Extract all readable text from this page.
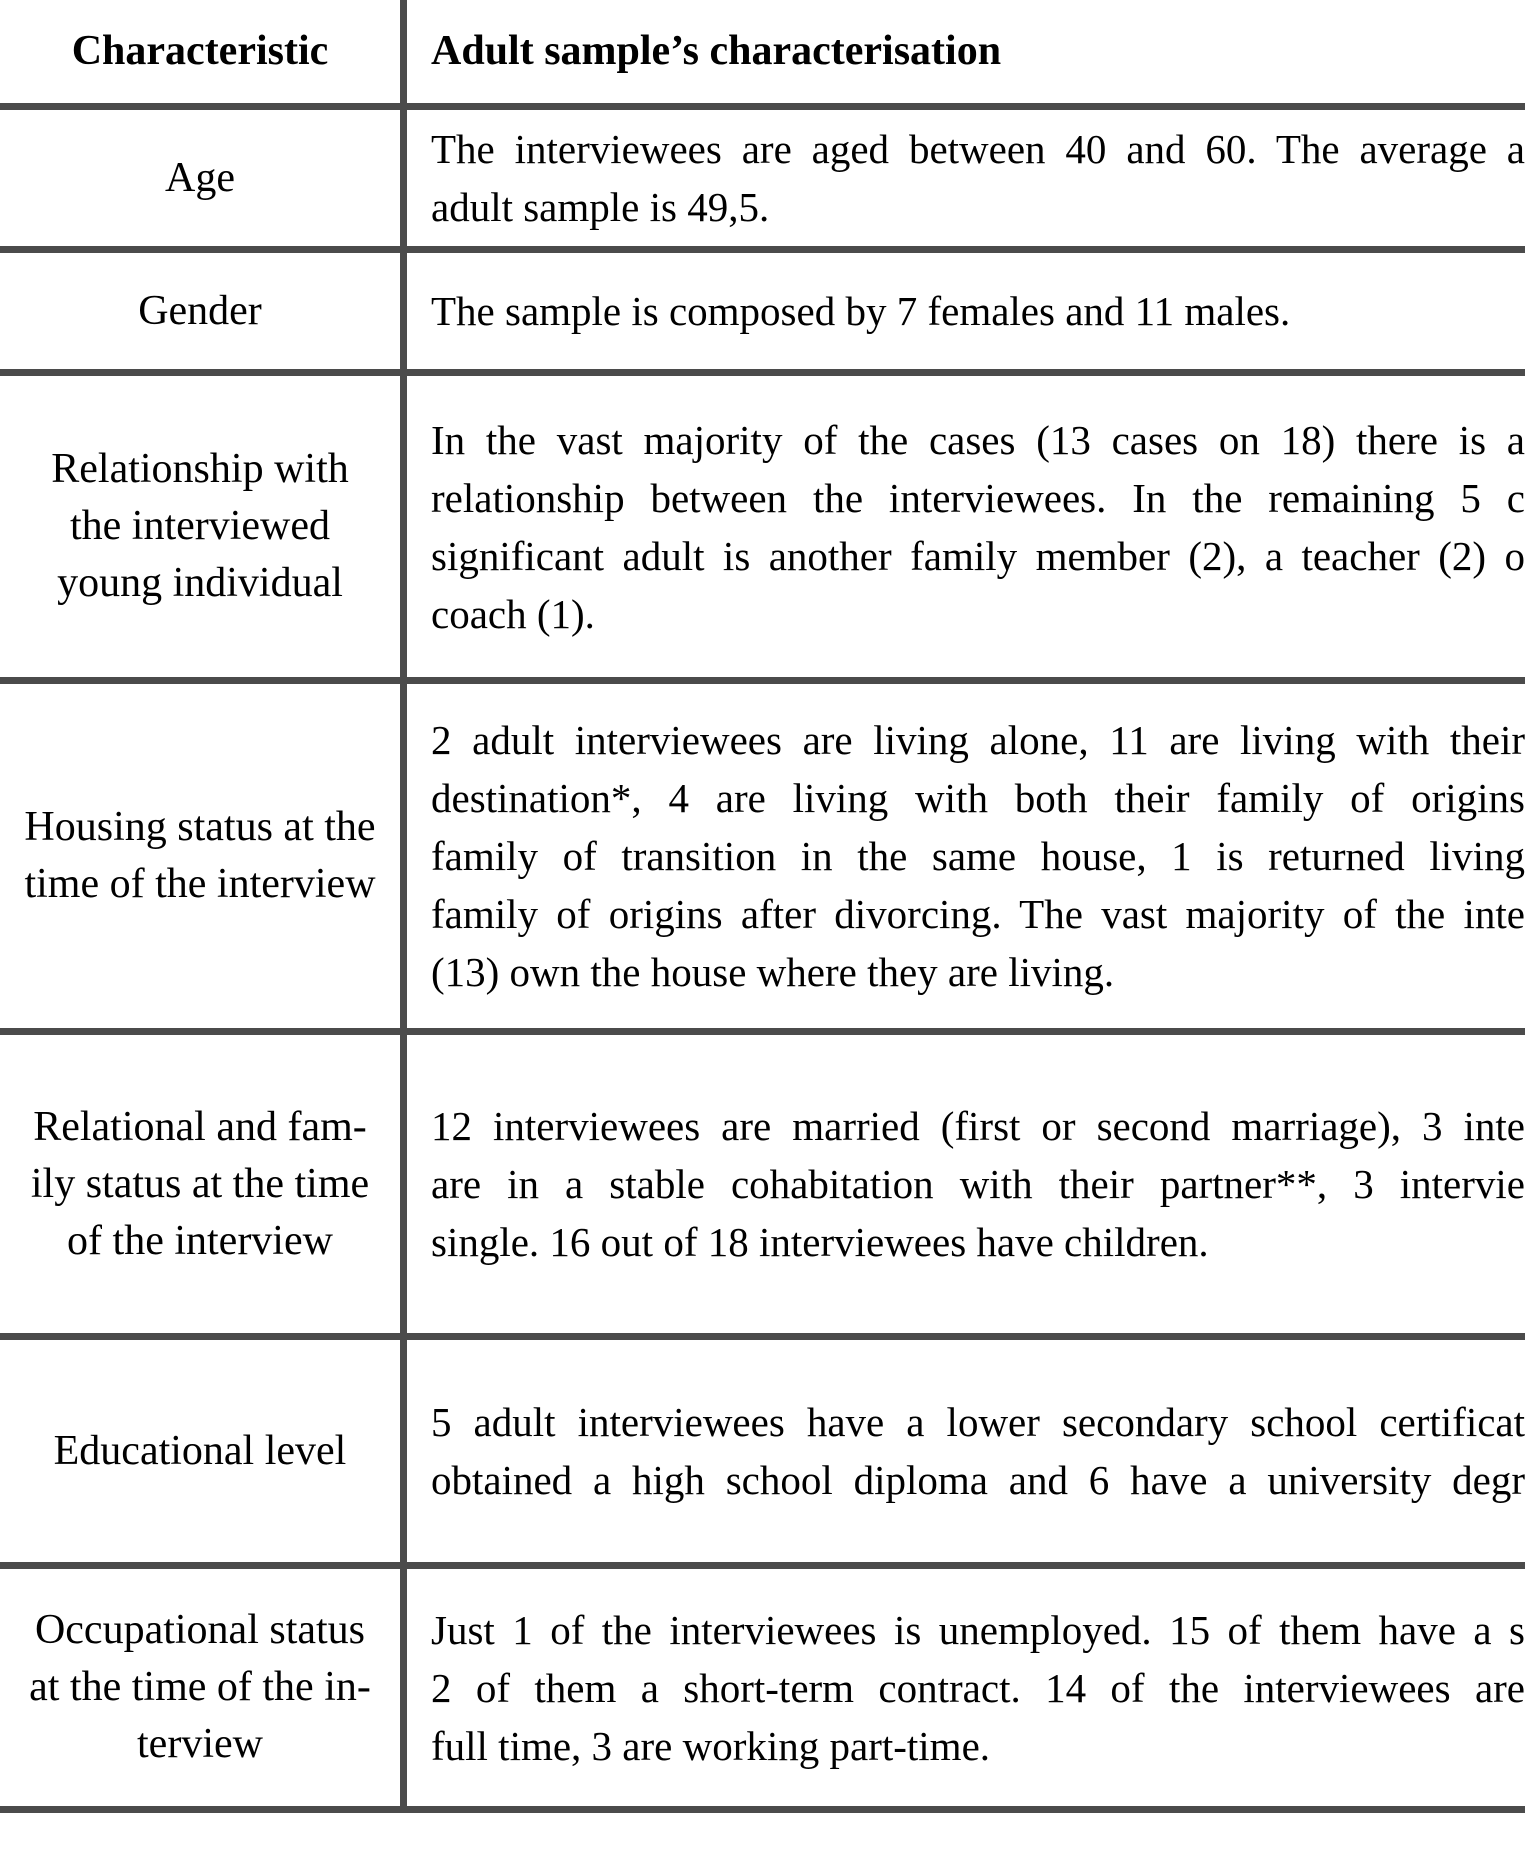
Characteristic Adult sample’s characterisation
Age
The interviewees are aged between 40 and 60. The average a
adult sample is 49,5.
Gender	The sample is composed by 7 females and 11 males.
Relationship with
the interviewed
young individual
In the vast majority of the cases (13 cases on 18) there is a
relationship between the interviewees. In the remaining 5 c
significant adult is another family member (2), a teacher (2) o
coach (1).
Housing status at the
time of the interview
2 adult interviewees are living alone, 11 are living with their
destination*, 4 are living with both their family of origins
family of transition in the same house, 1 is returned living
family of origins after divorcing. The vast majority of the inte
(13) own the house where they are living.
Relational and fam-
ily status at the time
of the interview
12 interviewees are married (first or second marriage), 3 inte
are in a stable cohabitation with their partner**, 3 intervie
single. 16 out of 18 interviewees have children.
Educational level
5 adult interviewees have a lower secondary school certificat
obtained a high school diploma and 6 have a university degr
Occupational status
at the time of the in-
terview
Just 1 of the interviewees is unemployed. 15 of them have a s
2 of them a short-term contract. 14 of the interviewees are
full time, 3 are working part-time.
